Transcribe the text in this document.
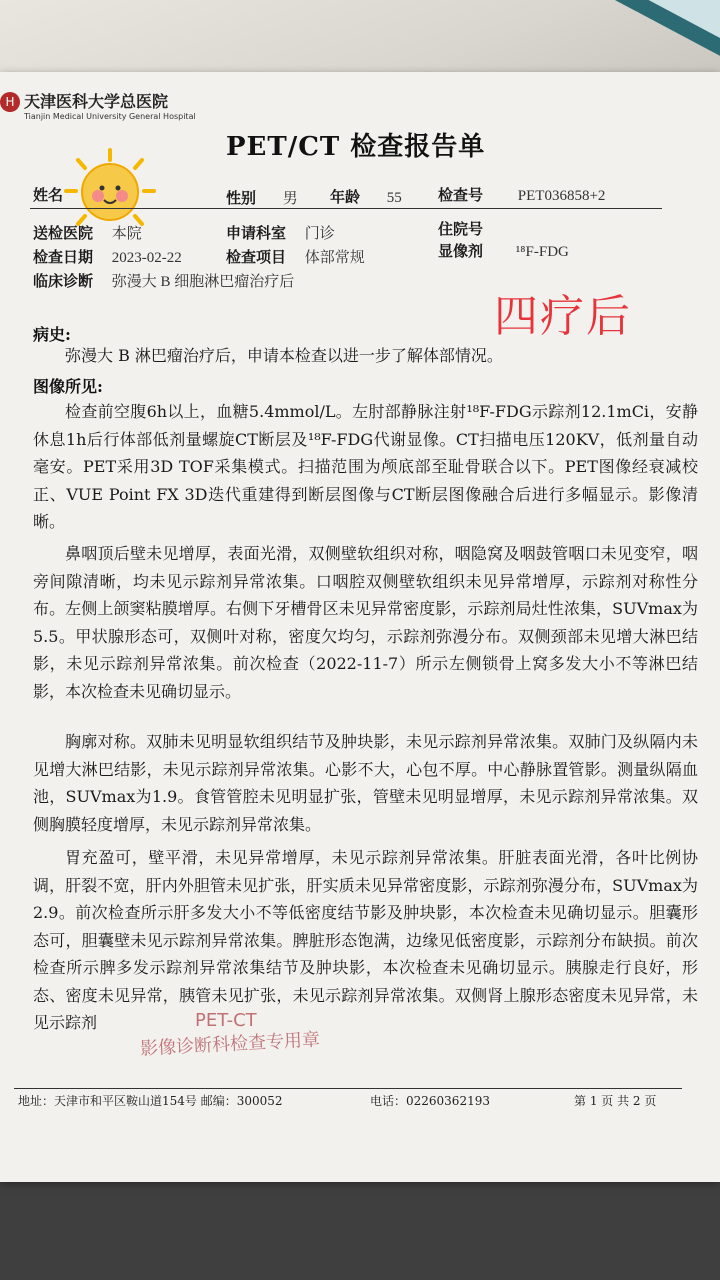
H 天津医科大学总医院
Tianjin Medical University General Hospital
PET/CT 检查报告单
姓名	性别 男 年龄 55 检查号 PET036858+2
送检医院 本院	申请科室 门诊	住院号
检查日期 2023-02-22	检查项目 体部常规	显像剂 ¹⁸F-FDG
临床诊断 弥漫大 B 细胞淋巴瘤治疗后
四疗后
病史:
弥漫大 B 淋巴瘤治疗后，申请本检查以进一步了解体部情况。
图像所见:
检查前空腹6h以上，血糖5.4mmol/L。左肘部静脉注射¹⁸F-FDG示踪剂12.1mCi，安静休息1h后行体部低剂量螺旋CT断层及¹⁸F-FDG代谢显像。CT扫描电压120KV，低剂量自动毫安。PET采用3D TOF采集模式。扫描范围为颅底部至耻骨联合以下。PET图像经衰减校正、VUE Point FX 3D迭代重建得到断层图像与CT断层图像融合后进行多幅显示。影像清晰。
鼻咽顶后壁未见增厚，表面光滑，双侧壁软组织对称，咽隐窝及咽鼓管咽口未见变窄，咽旁间隙清晰，均未见示踪剂异常浓集。口咽腔双侧壁软组织未见异常增厚，示踪剂对称性分布。左侧上颌窦粘膜增厚。右侧下牙槽骨区未见异常密度影，示踪剂局灶性浓集，SUVmax为5.5。甲状腺形态可，双侧叶对称，密度欠均匀，示踪剂弥漫分布。双侧颈部未见增大淋巴结影，未见示踪剂异常浓集。前次检查（2022-11-7）所示左侧锁骨上窝多发大小不等淋巴结影，本次检查未见确切显示。
胸廓对称。双肺未见明显软组织结节及肿块影，未见示踪剂异常浓集。双肺门及纵隔内未见增大淋巴结影，未见示踪剂异常浓集。心影不大，心包不厚。中心静脉置管影。测量纵隔血池，SUVmax为1.9。食管管腔未见明显扩张，管壁未见明显增厚，未见示踪剂异常浓集。双侧胸膜轻度增厚，未见示踪剂异常浓集。
胃充盈可，壁平滑，未见异常增厚，未见示踪剂异常浓集。肝脏表面光滑，各叶比例协调，肝裂不宽，肝内外胆管未见扩张，肝实质未见异常密度影，示踪剂弥漫分布，SUVmax为2.9。前次检查所示肝多发大小不等低密度结节影及肿块影，本次检查未见确切显示。胆囊形态可，胆囊壁未见示踪剂异常浓集。脾脏形态饱满，边缘见低密度影，示踪剂分布缺损。前次检查所示脾多发示踪剂异常浓集结节及肿块影，本次检查未见确切显示。胰腺走行良好，形态、密度未见异常，胰管未见扩张，未见示踪剂异常浓集。双侧肾上腺形态密度未见异常，未见示踪剂	PET-CT
影像诊断科检查专用章
地址：天津市和平区鞍山道154号 邮编：300052	电话：02260362193	第 1 页 共 2 页
